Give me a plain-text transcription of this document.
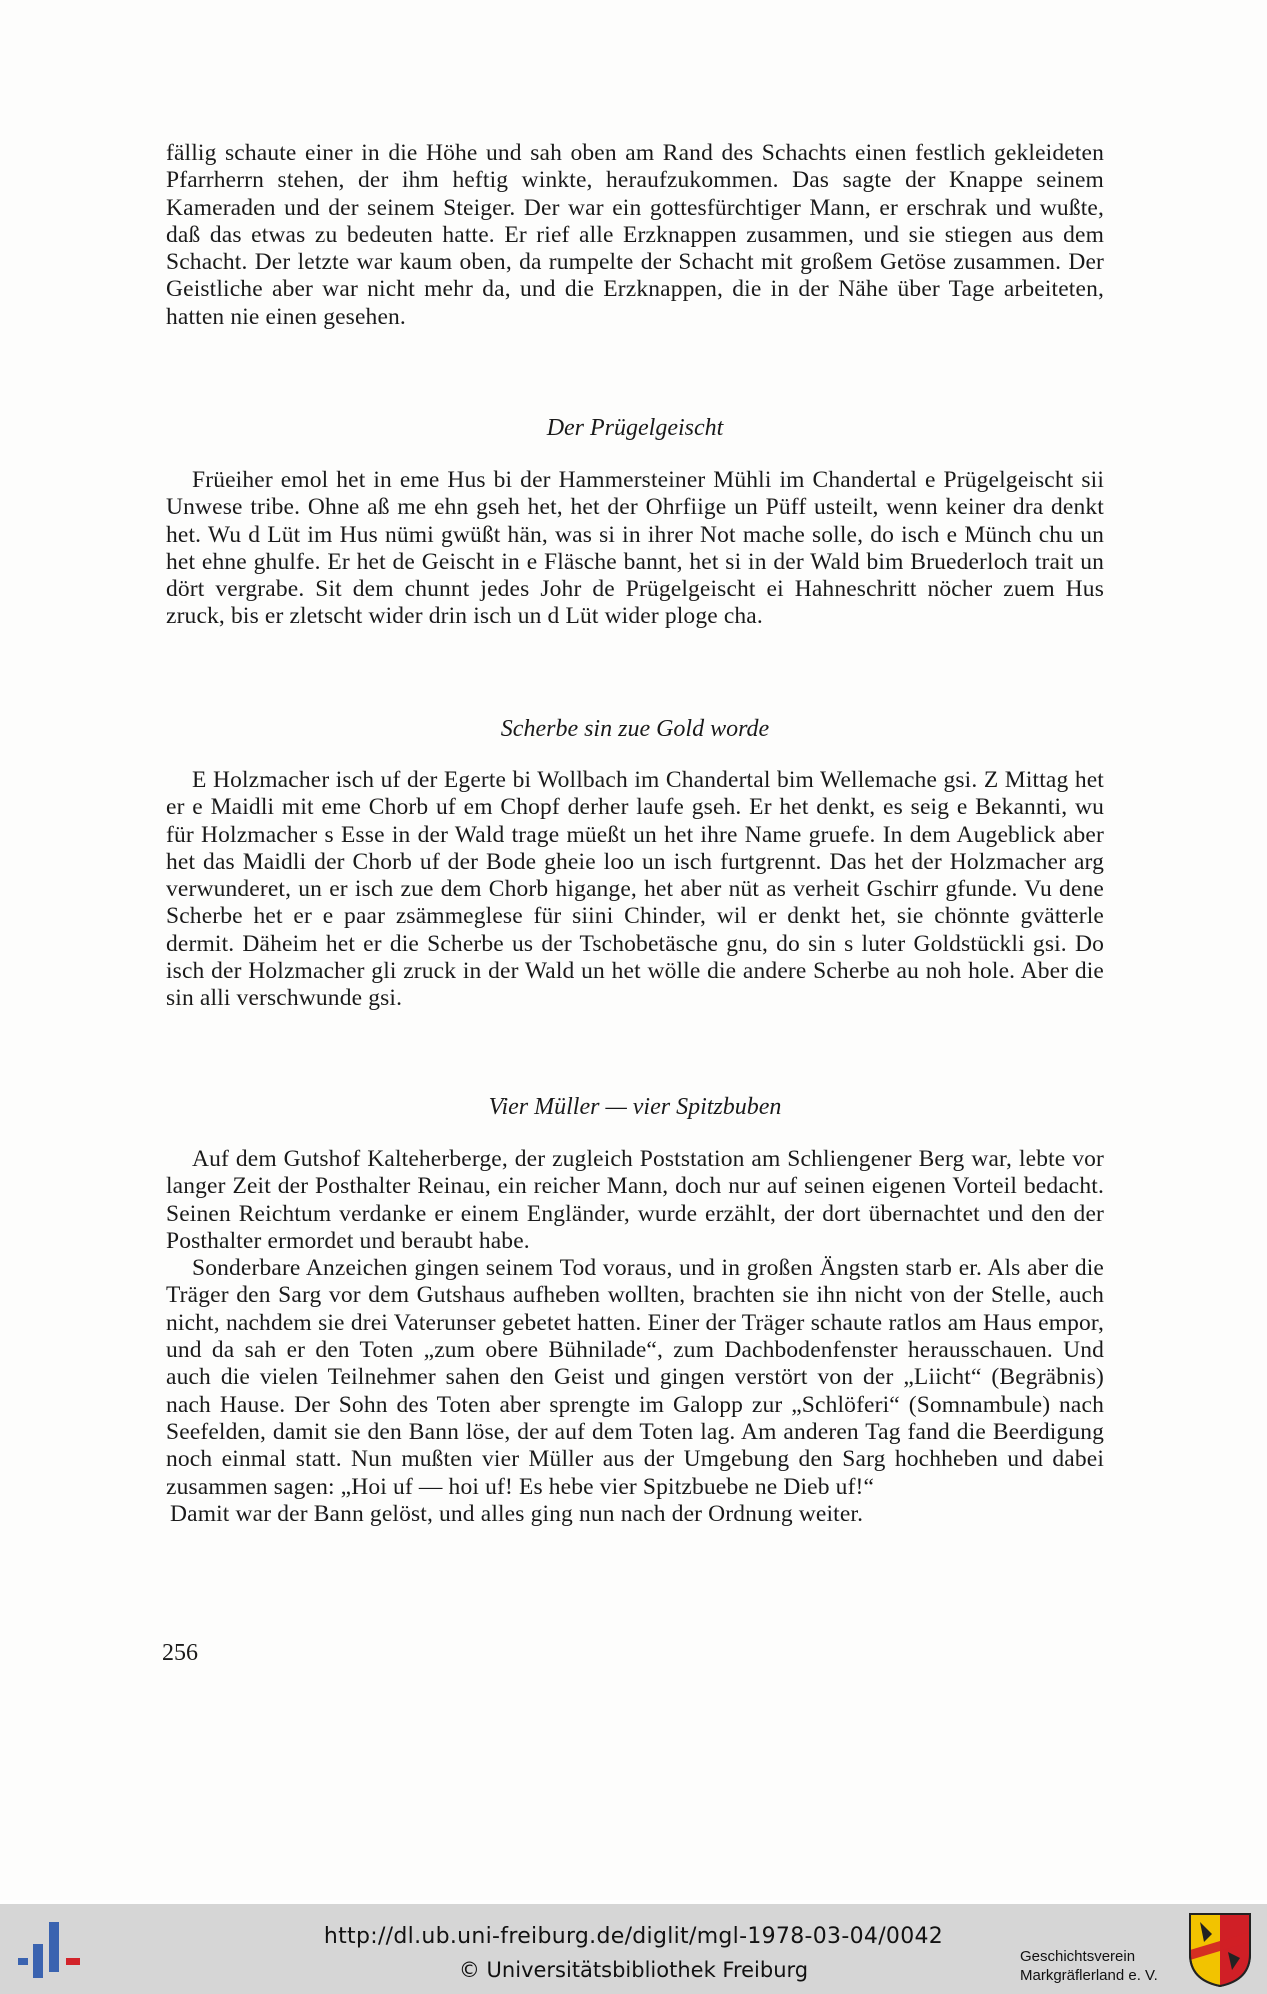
fällig schaute einer in die Höhe und sah oben am Rand des Schachts einen festlich gekleideten Pfarrherrn stehen, der ihm heftig winkte, heraufzukommen. Das sagte der Knappe seinem Kameraden und der seinem Steiger. Der war ein gottesfürchtiger Mann, er erschrak und wußte, daß das etwas zu bedeuten hatte. Er rief alle Erzknappen zusammen, und sie stiegen aus dem Schacht. Der letzte war kaum oben, da rumpelte der Schacht mit großem Getöse zusammen. Der Geistliche aber war nicht mehr da, und die Erzknappen, die in der Nähe über Tage arbeiteten, hatten nie einen gesehen.

Der Prügelgeischt

Früeiher emol het in eme Hus bi der Hammersteiner Mühli im Chandertal e Prügelgeischt sii Unwese tribe. Ohne aß me ehn gseh het, het der Ohrfiige un Püff usteilt, wenn keiner dra denkt het. Wu d Lüt im Hus nümi gwüßt hän, was si in ihrer Not mache solle, do isch e Münch chu un het ehne ghulfe. Er het de Geischt in e Fläsche bannt, het si in der Wald bim Bruederloch trait un dört vergrabe. Sit dem chunnt jedes Johr de Prügelgeischt ei Hahneschritt nöcher zuem Hus zruck, bis er zletscht wider drin isch un d Lüt wider ploge cha.

Scherbe sin zue Gold worde

E Holzmacher isch uf der Egerte bi Wollbach im Chandertal bim Wellemache gsi. Z Mittag het er e Maidli mit eme Chorb uf em Chopf derher laufe gseh. Er het denkt, es seig e Bekannti, wu für Holzmacher s Esse in der Wald trage müeßt un het ihre Name gruefe. In dem Augeblick aber het das Maidli der Chorb uf der Bode gheie loo un isch furtgrennt. Das het der Holzmacher arg verwunderet, un er isch zue dem Chorb higange, het aber nüt as verheit Gschirr gfunde. Vu dene Scherbe het er e paar zsämmeglese für siini Chinder, wil er denkt het, sie chönnte gvätterle dermit. Däheim het er die Scherbe us der Tschobetäsche gnu, do sin s luter Goldstückli gsi. Do isch der Holzmacher gli zruck in der Wald un het wölle die andere Scherbe au noh hole. Aber die sin alli verschwunde gsi.

Vier Müller — vier Spitzbuben

Auf dem Gutshof Kalteherberge, der zugleich Poststation am Schliengener Berg war, lebte vor langer Zeit der Posthalter Reinau, ein reicher Mann, doch nur auf seinen eigenen Vorteil bedacht. Seinen Reichtum verdanke er einem Engländer, wurde erzählt, der dort übernachtet und den der Posthalter ermordet und beraubt habe.

Sonderbare Anzeichen gingen seinem Tod voraus, und in großen Ängsten starb er. Als aber die Träger den Sarg vor dem Gutshaus aufheben wollten, brachten sie ihn nicht von der Stelle, auch nicht, nachdem sie drei Vaterunser gebetet hatten. Einer der Träger schaute ratlos am Haus empor, und da sah er den Toten „zum obere Bühnilade“, zum Dachbodenfenster herausschauen. Und auch die vielen Teilnehmer sahen den Geist und gingen verstört von der „Liicht“ (Begräbnis) nach Hause. Der Sohn des Toten aber sprengte im Galopp zur „Schlöferi“ (Somnambule) nach Seefelden, damit sie den Bann löse, der auf dem Toten lag. Am anderen Tag fand die Beerdigung noch einmal statt. Nun mußten vier Müller aus der Umgebung den Sarg hochheben und dabei zusammen sagen: „Hoi uf — hoi uf! Es hebe vier Spitzbuebe ne Dieb uf!“

Damit war der Bann gelöst, und alles ging nun nach der Ordnung weiter.

256

http://dl.ub.uni-freiburg.de/diglit/mgl-1978-03-04/0042

© Universitätsbibliothek Freiburg

Geschichtsverein
Markgräflerland e. V.
